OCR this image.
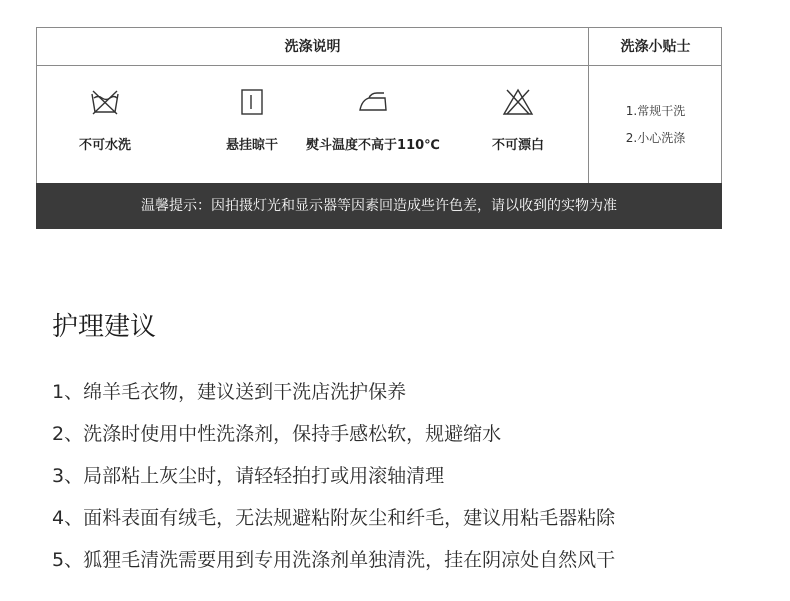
洗涤说明	洗涤小贴士
不可水洗	悬挂晾干	熨斗温度不高于110℃	不可漂白
1.常规干洗
2.小心洗涤
温馨提示：因拍摄灯光和显示器等因素回造成些许色差，请以收到的实物为准
护理建议
1、绵羊毛衣物，建议送到干洗店洗护保养
2、洗涤时使用中性洗涤剂，保持手感松软，规避缩水
3、局部粘上灰尘时，请轻轻拍打或用滚轴清理
4、面料表面有绒毛，无法规避粘附灰尘和纤毛，建议用粘毛器粘除
5、狐狸毛清洗需要用到专用洗涤剂单独清洗，挂在阴凉处自然风干
